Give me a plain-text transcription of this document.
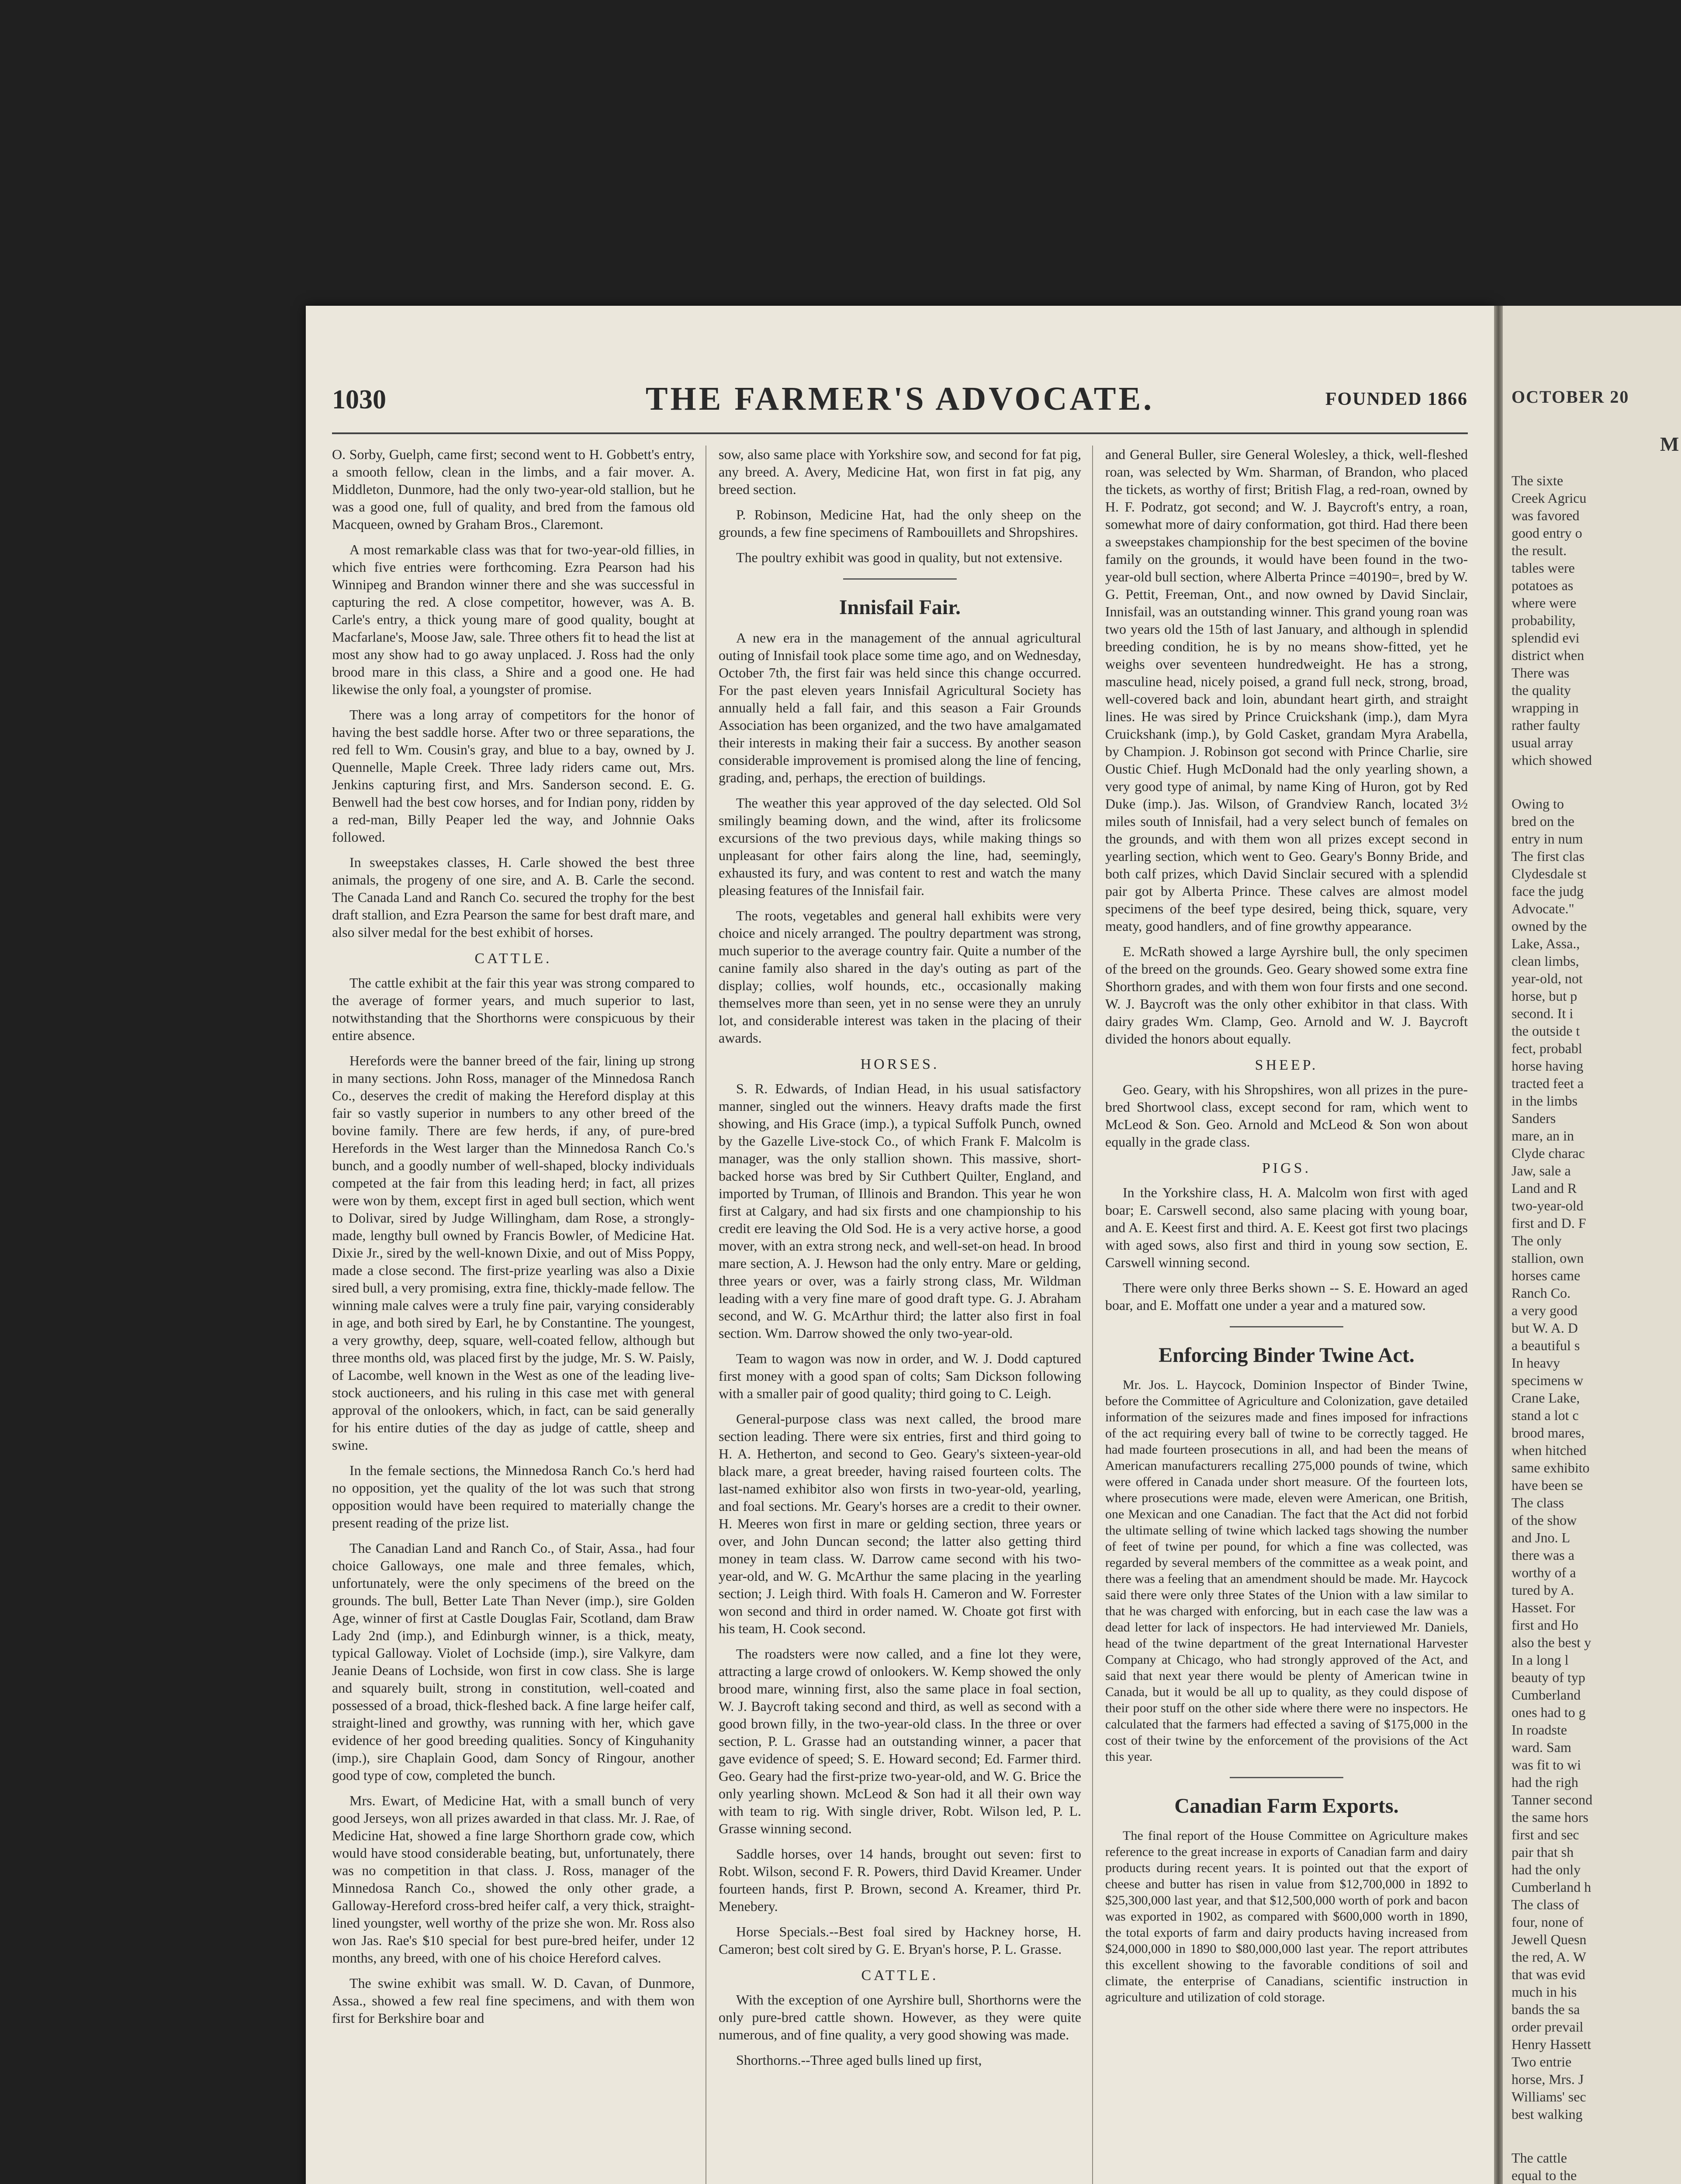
1030	THE FARMER'S ADVOCATE.	FOUNDED 1866

O. Sorby, Guelph, came first; second went to H. Gobbett's entry, a smooth fellow, clean in the limbs, and a fair mover. A. Middleton, Dunmore, had the only two-year-old stallion, but he was a good one, full of quality, and bred from the famous old Macqueen, owned by Graham Bros., Claremont.

A most remarkable class was that for two-year-old fillies, in which five entries were forthcoming. Ezra Pearson had his Winnipeg and Brandon winner there and she was successful in capturing the red. A close competitor, however, was A. B. Carle's entry, a thick young mare of good quality, bought at Macfarlane's, Moose Jaw, sale. Three others fit to head the list at most any show had to go away unplaced. J. Ross had the only brood mare in this class, a Shire and a good one. He had likewise the only foal, a youngster of promise.

There was a long array of competitors for the honor of having the best saddle horse. After two or three separations, the red fell to Wm. Cousin's gray, and blue to a bay, owned by J. Quennelle, Maple Creek. Three lady riders came out, Mrs. Jenkins capturing first, and Mrs. Sanderson second. E. G. Benwell had the best cow horses, and for Indian pony, ridden by a red-man, Billy Peaper led the way, and Johnnie Oaks followed.

In sweepstakes classes, H. Carle showed the best three animals, the progeny of one sire, and A. B. Carle the second. The Canada Land and Ranch Co. secured the trophy for the best draft stallion, and Ezra Pearson the same for best draft mare, and also silver medal for the best exhibit of horses.

CATTLE.

The cattle exhibit at the fair this year was strong compared to the average of former years, and much superior to last, notwithstanding that the Shorthorns were conspicuous by their entire absence.

Herefords were the banner breed of the fair, lining up strong in many sections. John Ross, manager of the Minnedosa Ranch Co., deserves the credit of making the Hereford display at this fair so vastly superior in numbers to any other breed of the bovine family. There are few herds, if any, of pure-bred Herefords in the West larger than the Minnedosa Ranch Co.'s bunch, and a goodly number of well-shaped, blocky individuals competed at the fair from this leading herd; in fact, all prizes were won by them, except first in aged bull section, which went to Dolivar, sired by Judge Willingham, dam Rose, a strongly-made, lengthy bull owned by Francis Bowler, of Medicine Hat. Dixie Jr., sired by the well-known Dixie, and out of Miss Poppy, made a close second. The first-prize yearling was also a Dixie sired bull, a very promising, extra fine, thickly-made fellow. The winning male calves were a truly fine pair, varying considerably in age, and both sired by Earl, he by Constantine. The youngest, a very growthy, deep, square, well-coated fellow, although but three months old, was placed first by the judge, Mr. S. W. Paisly, of Lacombe, well known in the West as one of the leading live-stock auctioneers, and his ruling in this case met with general approval of the onlookers, which, in fact, can be said generally for his entire duties of the day as judge of cattle, sheep and swine.

In the female sections, the Minnedosa Ranch Co.'s herd had no opposition, yet the quality of the lot was such that strong opposition would have been required to materially change the present reading of the prize list.

The Canadian Land and Ranch Co., of Stair, Assa., had four choice Galloways, one male and three females, which, unfortunately, were the only specimens of the breed on the grounds. The bull, Better Late Than Never (imp.), sire Golden Age, winner of first at Castle Douglas Fair, Scotland, dam Braw Lady 2nd (imp.), and Edinburgh winner, is a thick, meaty, typical Galloway. Violet of Lochside (imp.), sire Valkyre, dam Jeanie Deans of Lochside, won first in cow class. She is large and squarely built, strong in constitution, well-coated and possessed of a broad, thick-fleshed back. A fine large heifer calf, straight-lined and growthy, was running with her, which gave evidence of her good breeding qualities. Soncy of Kinguhanity (imp.), sire Chaplain Good, dam Soncy of Ringour, another good type of cow, completed the bunch.

Mrs. Ewart, of Medicine Hat, with a small bunch of very good Jerseys, won all prizes awarded in that class. Mr. J. Rae, of Medicine Hat, showed a fine large Shorthorn grade cow, which would have stood considerable beating, but, unfortunately, there was no competition in that class. J. Ross, manager of the Minnedosa Ranch Co., showed the only other grade, a Galloway-Hereford cross-bred heifer calf, a very thick, straight-lined youngster, well worthy of the prize she won. Mr. Ross also won Jas. Rae's $10 special for best pure-bred heifer, under 12 months, any breed, with one of his choice Hereford calves.

The swine exhibit was small. W. D. Cavan, of Dunmore, Assa., showed a few real fine specimens, and with them won first for Berkshire boar and

sow, also same place with Yorkshire sow, and second for fat pig, any breed. A. Avery, Medicine Hat, won first in fat pig, any breed section.

P. Robinson, Medicine Hat, had the only sheep on the grounds, a few fine specimens of Rambouillets and Shropshires.

The poultry exhibit was good in quality, but not extensive.

Innisfail Fair.

A new era in the management of the annual agricultural outing of Innisfail took place some time ago, and on Wednesday, October 7th, the first fair was held since this change occurred. For the past eleven years Innisfail Agricultural Society has annually held a fall fair, and this season a Fair Grounds Association has been organized, and the two have amalgamated their interests in making their fair a success. By another season considerable improvement is promised along the line of fencing, grading, and, perhaps, the erection of buildings.

The weather this year approved of the day selected. Old Sol smilingly beaming down, and the wind, after its frolicsome excursions of the two previous days, while making things so unpleasant for other fairs along the line, had, seemingly, exhausted its fury, and was content to rest and watch the many pleasing features of the Innisfail fair.

The roots, vegetables and general hall exhibits were very choice and nicely arranged. The poultry department was strong, much superior to the average country fair. Quite a number of the canine family also shared in the day's outing as part of the display; collies, wolf hounds, etc., occasionally making themselves more than seen, yet in no sense were they an unruly lot, and considerable interest was taken in the placing of their awards.

HORSES.

S. R. Edwards, of Indian Head, in his usual satisfactory manner, singled out the winners. Heavy drafts made the first showing, and His Grace (imp.), a typical Suffolk Punch, owned by the Gazelle Live-stock Co., of which Frank F. Malcolm is manager, was the only stallion shown. This massive, short-backed horse was bred by Sir Cuthbert Quilter, England, and imported by Truman, of Illinois and Brandon. This year he won first at Calgary, and had six firsts and one championship to his credit ere leaving the Old Sod. He is a very active horse, a good mover, with an extra strong neck, and well-set-on head. In brood mare section, A. J. Hewson had the only entry. Mare or gelding, three years or over, was a fairly strong class, Mr. Wildman leading with a very fine mare of good draft type. G. J. Abraham second, and W. G. McArthur third; the latter also first in foal section. Wm. Darrow showed the only two-year-old.

Team to wagon was now in order, and W. J. Dodd captured first money with a good span of colts; Sam Dickson following with a smaller pair of good quality; third going to C. Leigh.

General-purpose class was next called, the brood mare section leading. There were six entries, first and third going to H. A. Hetherton, and second to Geo. Geary's sixteen-year-old black mare, a great breeder, having raised fourteen colts. The last-named exhibitor also won firsts in two-year-old, yearling, and foal sections. Mr. Geary's horses are a credit to their owner. H. Meeres won first in mare or gelding section, three years or over, and John Duncan second; the latter also getting third money in team class. W. Darrow came second with his two-year-old, and W. G. McArthur the same placing in the yearling section; J. Leigh third. With foals H. Cameron and W. Forrester won second and third in order named. W. Choate got first with his team, H. Cook second.

The roadsters were now called, and a fine lot they were, attracting a large crowd of onlookers. W. Kemp showed the only brood mare, winning first, also the same place in foal section, W. J. Baycroft taking second and third, as well as second with a good brown filly, in the two-year-old class. In the three or over section, P. L. Grasse had an outstanding winner, a pacer that gave evidence of speed; S. E. Howard second; Ed. Farmer third. Geo. Geary had the first-prize two-year-old, and W. G. Brice the only yearling shown. McLeod & Son had it all their own way with team to rig. With single driver, Robt. Wilson led, P. L. Grasse winning second.

Saddle horses, over 14 hands, brought out seven: first to Robt. Wilson, second F. R. Powers, third David Kreamer. Under fourteen hands, first P. Brown, second A. Kreamer, third Pr. Menebery.

Horse Specials.--Best foal sired by Hackney horse, H. Cameron; best colt sired by G. E. Bryan's horse, P. L. Grasse.

CATTLE.

With the exception of one Ayrshire bull, Shorthorns were the only pure-bred cattle shown. However, as they were quite numerous, and of fine quality, a very good showing was made.

Shorthorns.--Three aged bulls lined up first,

and General Buller, sire General Wolesley, a thick, well-fleshed roan, was selected by Wm. Sharman, of Brandon, who placed the tickets, as worthy of first; British Flag, a red-roan, owned by H. F. Podratz, got second; and W. J. Baycroft's entry, a roan, somewhat more of dairy conformation, got third. Had there been a sweepstakes championship for the best specimen of the bovine family on the grounds, it would have been found in the two-year-old bull section, where Alberta Prince =40190=, bred by W. G. Pettit, Freeman, Ont., and now owned by David Sinclair, Innisfail, was an outstanding winner. This grand young roan was two years old the 15th of last January, and although in splendid breeding condition, he is by no means show-fitted, yet he weighs over seventeen hundredweight. He has a strong, masculine head, nicely poised, a grand full neck, strong, broad, well-covered back and loin, abundant heart girth, and straight lines. He was sired by Prince Cruickshank (imp.), dam Myra Cruickshank (imp.), by Gold Casket, grandam Myra Arabella, by Champion. J. Robinson got second with Prince Charlie, sire Oustic Chief. Hugh McDonald had the only yearling shown, a very good type of animal, by name King of Huron, got by Red Duke (imp.). Jas. Wilson, of Grandview Ranch, located 3½ miles south of Innisfail, had a very select bunch of females on the grounds, and with them won all prizes except second in yearling section, which went to Geo. Geary's Bonny Bride, and both calf prizes, which David Sinclair secured with a splendid pair got by Alberta Prince. These calves are almost model specimens of the beef type desired, being thick, square, very meaty, good handlers, and of fine growthy appearance.

E. McRath showed a large Ayrshire bull, the only specimen of the breed on the grounds. Geo. Geary showed some extra fine Shorthorn grades, and with them won four firsts and one second. W. J. Baycroft was the only other exhibitor in that class. With dairy grades Wm. Clamp, Geo. Arnold and W. J. Baycroft divided the honors about equally.

SHEEP.

Geo. Geary, with his Shropshires, won all prizes in the pure-bred Shortwool class, except second for ram, which went to McLeod & Son. Geo. Arnold and McLeod & Son won about equally in the grade class.

PIGS.

In the Yorkshire class, H. A. Malcolm won first with aged boar; E. Carswell second, also same placing with young boar, and A. E. Keest first and third. A. E. Keest got first two placings with aged sows, also first and third in young sow section, E. Carswell winning second.

There were only three Berks shown -- S. E. Howard an aged boar, and E. Moffatt one under a year and a matured sow.

Enforcing Binder Twine Act.

Mr. Jos. L. Haycock, Dominion Inspector of Binder Twine, before the Committee of Agriculture and Colonization, gave detailed information of the seizures made and fines imposed for infractions of the act requiring every ball of twine to be correctly tagged. He had made fourteen prosecutions in all, and had been the means of American manufacturers recalling 275,000 pounds of twine, which were offered in Canada under short measure. Of the fourteen lots, where prosecutions were made, eleven were American, one British, one Mexican and one Canadian. The fact that the Act did not forbid the ultimate selling of twine which lacked tags showing the number of feet of twine per pound, for which a fine was collected, was regarded by several members of the committee as a weak point, and there was a feeling that an amendment should be made. Mr. Haycock said there were only three States of the Union with a law similar to that he was charged with enforcing, but in each case the law was a dead letter for lack of inspectors. He had interviewed Mr. Daniels, head of the twine department of the great International Harvester Company at Chicago, who had strongly approved of the Act, and said that next year there would be plenty of American twine in Canada, but it would be all up to quality, as they could dispose of their poor stuff on the other side where there were no inspectors. He calculated that the farmers had effected a saving of $175,000 in the cost of their twine by the enforcement of the provisions of the Act this year.

Canadian Farm Exports.

The final report of the House Committee on Agriculture makes reference to the great increase in exports of Canadian farm and dairy products during recent years. It is pointed out that the export of cheese and butter has risen in value from $12,700,000 in 1892 to $25,300,000 last year, and that $12,500,000 worth of pork and bacon was exported in 1902, as compared with $600,000 worth in 1890, the total exports of farm and dairy products having increased from $24,000,000 in 1890 to $80,000,000 last year. The report attributes this excellent showing to the favorable conditions of soil and climate, the enterprise of Canadians, scientific instruction in agriculture and utilization of cold storage.

OCTOBER 20
M
The sixte
Creek Agricu
was favored
good entry o
the result.
tables were
potatoes as
where were
probability,
splendid evi
district when
There was
the quality
wrapping in
rather faulty
usual array
which showed
Owing to
bred on the
entry in num
The first clas
Clydesdale st
face the judg
Advocate."
owned by the
Lake, Assa.,
clean limbs,
year-old, not
horse, but p
second. It i
the outside t
fect, probabl
horse having
tracted feet a
in the limbs
Sanders
mare, an in
Clyde charac
Jaw, sale a
Land and R
two-year-old
first and D. F
The only
stallion, own
horses came
Ranch Co.
a very good
but W. A. D
a beautiful s
In heavy
specimens w
Crane Lake,
stand a lot c
brood mares,
when hitched
same exhibito
have been se
The class
of the show
and Jno. L
there was a
worthy of a
tured by A.
Hasset. For
first and Ho
also the best y
In a long l
beauty of typ
Cumberland
ones had to g
In roadste
ward. Sam
was fit to wi
had the righ
Tanner second
the same hors
first and sec
pair that sh
had the only
Cumberland h
The class of
four, none of
Jewell Quesn
the red, A. W
that was evid
much in his
bands the sa
order prevail
Henry Hassett
Two entrie
horse, Mrs. J
Williams' sec
best walking
The cattle
equal to the
